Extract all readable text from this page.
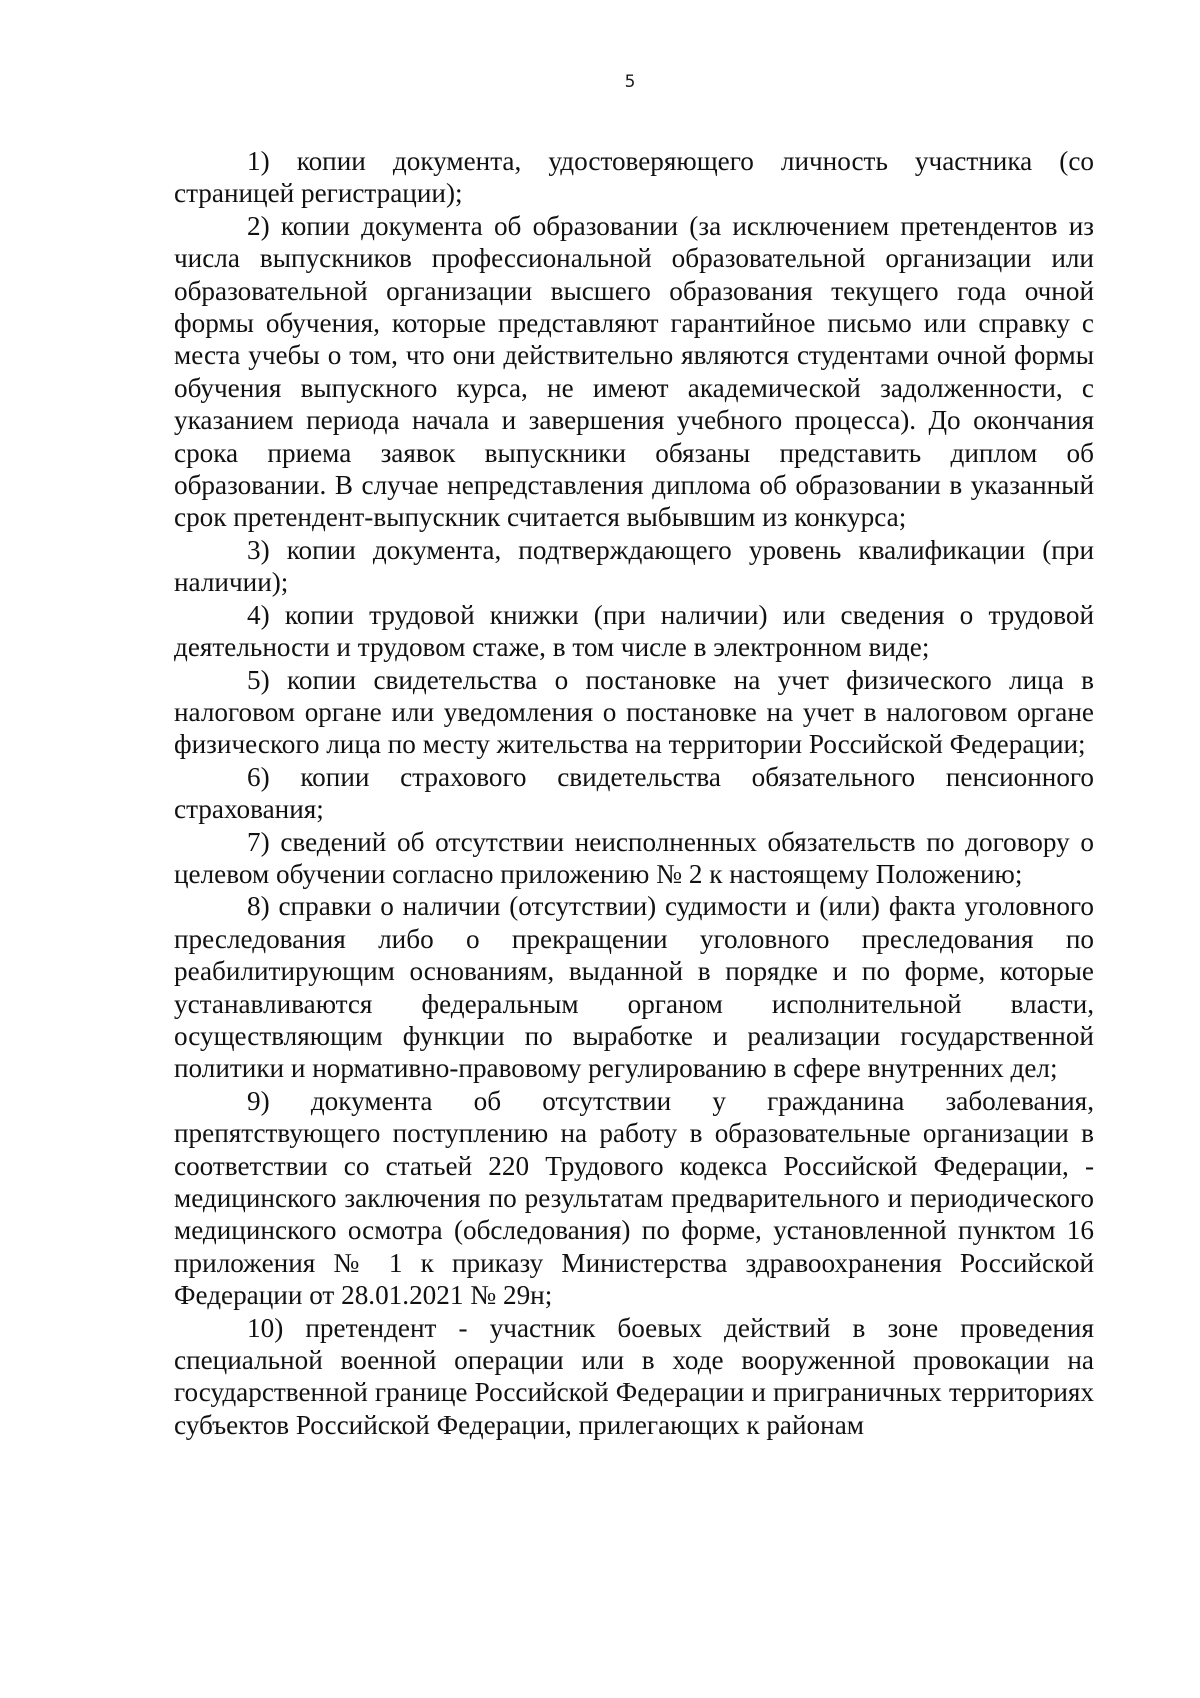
5

1) копии документа, удостоверяющего личность участника (со страницей регистрации);

2) копии документа об образовании (за исключением претендентов из числа выпускников профессиональной образовательной организации или образовательной организации высшего образования текущего года очной формы обучения, которые представляют гарантийное письмо или справку с места учебы о том, что они действительно являются студентами очной формы обучения выпускного курса, не имеют академической задолженности, с указанием периода начала и завершения учебного процесса). До окончания срока приема заявок выпускники обязаны представить диплом об образовании. В случае непредставления диплома об образовании в указанный срок претендент-выпускник считается выбывшим из конкурса;

3) копии документа, подтверждающего уровень квалификации (при наличии);

4) копии трудовой книжки (при наличии) или сведения о трудовой деятельности и трудовом стаже, в том числе в электронном виде;

5) копии свидетельства о постановке на учет физического лица в налоговом органе или уведомления о постановке на учет в налоговом органе физического лица по месту жительства на территории Российской Федерации;

6) копии страхового свидетельства обязательного пенсионного страхования;

7) сведений об отсутствии неисполненных обязательств по договору о целевом обучении согласно приложению № 2 к настоящему Положению;

8) справки о наличии (отсутствии) судимости и (или) факта уголовного преследования либо о прекращении уголовного преследования по реабилитирующим основаниям, выданной в порядке и по форме, которые устанавливаются федеральным органом исполнительной власти, осуществляющим функции по выработке и реализации государственной политики и нормативно-правовому регулированию в сфере внутренних дел;

9) документа об отсутствии у гражданина заболевания, препятствующего поступлению на работу в образовательные организации в соответствии со статьей 220 Трудового кодекса Российской Федерации, - медицинского заключения по результатам предварительного и периодического медицинского осмотра (обследования) по форме, установленной пунктом 16 приложения № 1 к приказу Министерства здравоохранения Российской Федерации от 28.01.2021 № 29н;

10) претендент - участник боевых действий в зоне проведения специальной военной операции или в ходе вооруженной провокации на государственной границе Российской Федерации и приграничных территориях субъектов Российской Федерации, прилегающих к районам
